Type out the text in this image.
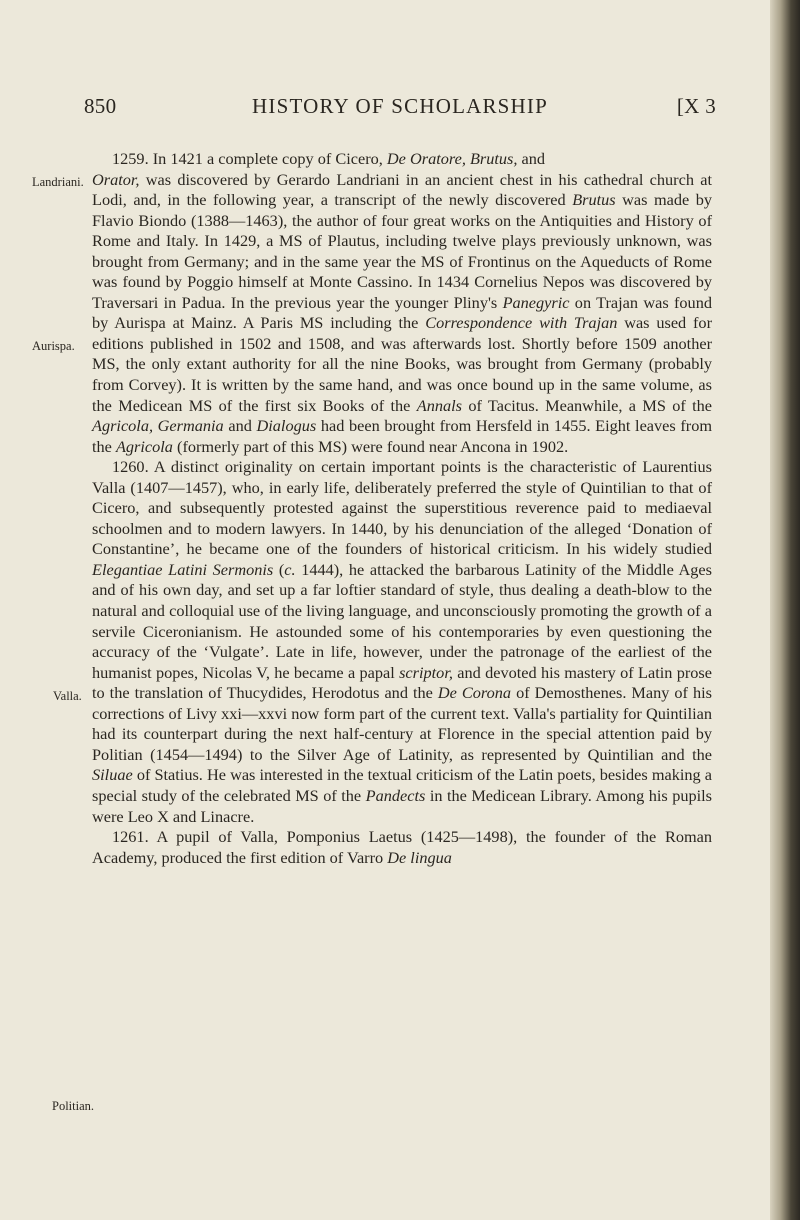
850	HISTORY OF SCHOLARSHIP	[X 3

1259. In 1421 a complete copy of Cicero, De Oratore, Brutus, and
Orator, was discovered by Gerardo Landriani in an ancient chest in his cathedral church at Lodi, and, in the following year, a transcript of the newly discovered Brutus was made by Flavio Biondo (1388—1463), the author of four great works on the Antiquities and History of Rome and Italy. In 1429, a MS of Plautus, including twelve plays previously unknown, was brought from Germany; and in the same year the MS of Frontinus on the Aqueducts of Rome was found by Poggio himself at Monte Cassino. In 1434 Cornelius Nepos was discovered by Traversari in Padua. In the previous year the younger Pliny's Panegyric on Trajan was found by Aurispa at Mainz. A Paris MS including the Correspondence with Trajan was used for editions published in 1502 and 1508, and was afterwards lost. Shortly before 1509 another MS, the only extant authority for all the nine Books, was brought from Germany (probably from Corvey). It is written by the same hand, and was once bound up in the same volume, as the Medicean MS of the first six Books of the Annals of Tacitus. Meanwhile, a MS of the Agricola, Germania and Dialogus had been brought from Hersfeld in 1455. Eight leaves from the Agricola (formerly part of this MS) were found near Ancona in 1902.

1260. A distinct originality on certain important points is the characteristic of Laurentius Valla (1407—1457), who, in early life, deliberately preferred the style of Quintilian to that of Cicero, and subsequently protested against the superstitious reverence paid to mediaeval schoolmen and to modern lawyers. In 1440, by his denunciation of the alleged ‘Donation of Constantine’, he became one of the founders of historical criticism. In his widely studied Elegantiae Latini Sermonis (c. 1444), he attacked the barbarous Latinity of the Middle Ages and of his own day, and set up a far loftier standard of style, thus dealing a death-blow to the natural and colloquial use of the living language, and unconsciously promoting the growth of a servile Ciceronianism. He astounded some of his contemporaries by even questioning the accuracy of the ‘Vulgate’. Late in life, however, under the patronage of the earliest of the humanist popes, Nicolas V, he became a papal scriptor, and devoted his mastery of Latin prose to the translation of Thucydides, Herodotus and the De Corona of Demosthenes. Many of his corrections of Livy xxi—xxvi now form part of the current text. Valla's partiality for Quintilian had its counterpart during the next half-century at Florence in the special attention paid by Politian (1454—1494) to the Silver Age of Latinity, as represented by Quintilian and the Siluae of Statius. He was interested in the textual criticism of the Latin poets, besides making a special study of the celebrated MS of the Pandects in the Medicean Library. Among his pupils were Leo X and Linacre.

1261. A pupil of Valla, Pomponius Laetus (1425—1498), the founder of the Roman Academy, produced the first edition of Varro De lingua

Landriani.
Aurispa.
Valla.
Politian.
